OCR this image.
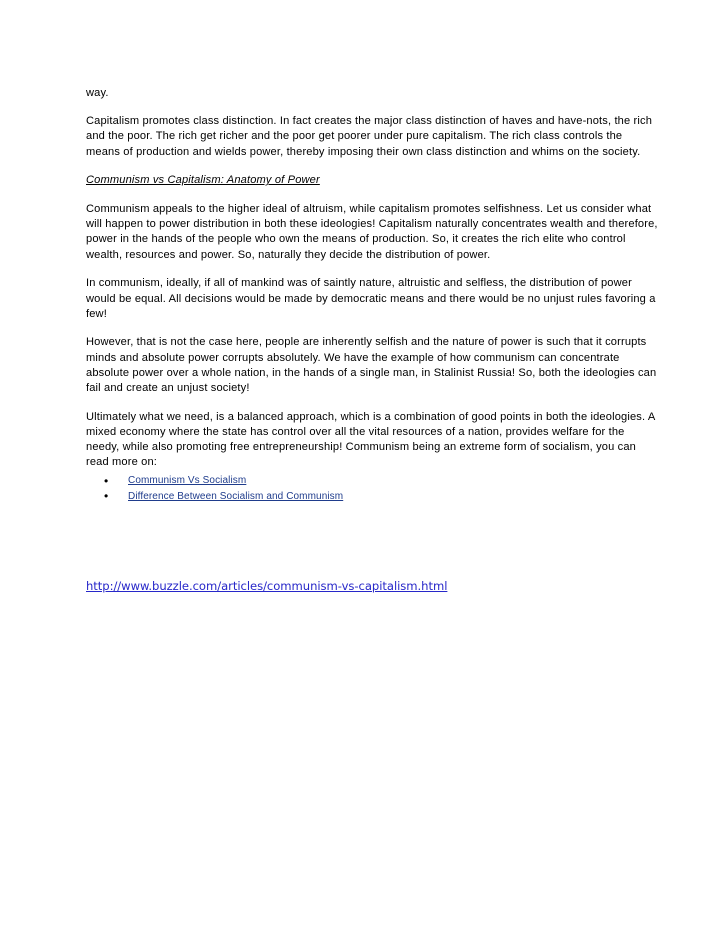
way.

Capitalism promotes class distinction. In fact creates the major class distinction of haves and have-nots, the rich and the poor. The rich get richer and the poor get poorer under pure capitalism. The rich class controls the means of production and wields power, thereby imposing their own class distinction and whims on the society.

Communism vs Capitalism: Anatomy of Power

Communism appeals to the higher ideal of altruism, while capitalism promotes selfishness. Let us consider what will happen to power distribution in both these ideologies! Capitalism naturally concentrates wealth and therefore, power in the hands of the people who own the means of production. So, it creates the rich elite who control wealth, resources and power. So, naturally they decide the distribution of power.

In communism, ideally, if all of mankind was of saintly nature, altruistic and selfless, the distribution of power would be equal. All decisions would be made by democratic means and there would be no unjust rules favoring a few!

However, that is not the case here, people are inherently selfish and the nature of power is such that it corrupts minds and absolute power corrupts absolutely. We have the example of how communism can concentrate absolute power over a whole nation, in the hands of a single man, in Stalinist Russia! So, both the ideologies can fail and create an unjust society!

Ultimately what we need, is a balanced approach, which is a combination of good points in both the ideologies. A mixed economy where the state has control over all the vital resources of a nation, provides welfare for the needy, while also promoting free entrepreneurship! Communism being an extreme form of socialism, you can read more on:

•	Communism Vs Socialism
•	Difference Between Socialism and Communism
http://www.buzzle.com/articles/communism-vs-capitalism.html
